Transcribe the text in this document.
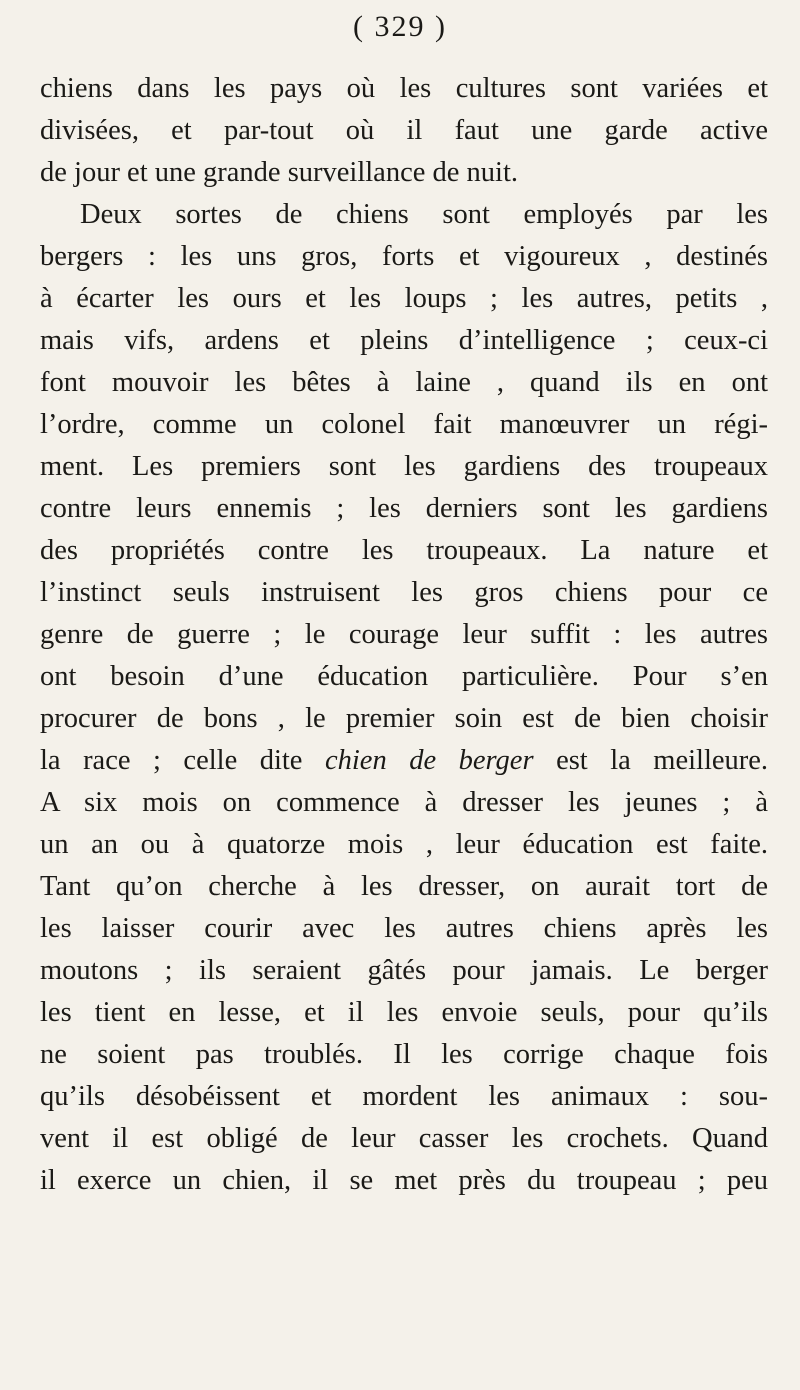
( 329 )
chiens dans les pays où les cultures sont variées et
divisées, et par-tout où il faut une garde active
de jour et une grande surveillance de nuit.
Deux sortes de chiens sont employés par les
bergers : les uns gros, forts et vigoureux , destinés
à écarter les ours et les loups ; les autres, petits ,
mais vifs, ardens et pleins d’intelligence ; ceux-ci
font mouvoir les bêtes à laine , quand ils en ont
l’ordre, comme un colonel fait manœuvrer un régi-
ment. Les premiers sont les gardiens des troupeaux
contre leurs ennemis ; les derniers sont les gardiens
des propriétés contre les troupeaux. La nature et
l’instinct seuls instruisent les gros chiens pour ce
genre de guerre ; le courage leur suffit : les autres
ont besoin d’une éducation particulière. Pour s’en
procurer de bons , le premier soin est de bien choisir
la race ; celle dite chien de berger est la meilleure.
A six mois on commence à dresser les jeunes ; à
un an ou à quatorze mois , leur éducation est faite.
Tant qu’on cherche à les dresser, on aurait tort de
les laisser courir avec les autres chiens après les
moutons ; ils seraient gâtés pour jamais. Le berger
les tient en lesse, et il les envoie seuls, pour qu’ils
ne soient pas troublés. Il les corrige chaque fois
qu’ils désobéissent et mordent les animaux : sou-
vent il est obligé de leur casser les crochets. Quand
il exerce un chien, il se met près du troupeau ; peu
